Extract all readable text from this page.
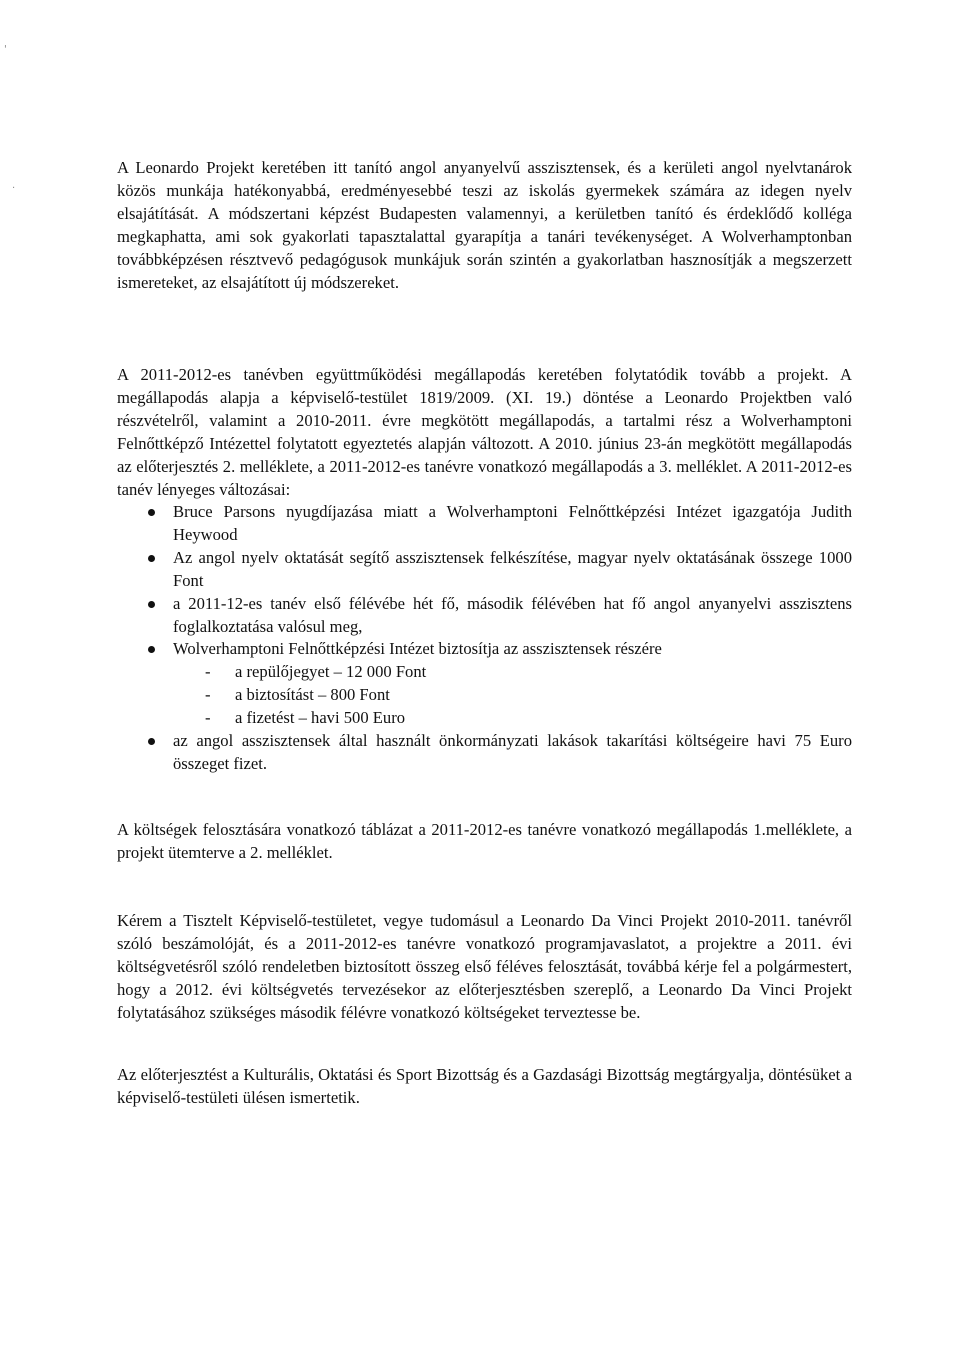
'
.
A Leonardo Projekt keretében itt tanító angol anyanyelvű asszisztensek, és a kerületi angol nyelvtanárok közös munkája hatékonyabbá, eredményesebbé teszi az iskolás gyermekek számára az idegen nyelv elsajátítását. A módszertani képzést Budapesten valamennyi, a kerületben tanító és érdeklődő kolléga megkaphatta, ami sok gyakorlati tapasztalattal gyarapítja a tanári tevékenységet. A Wolverhamptonban továbbképzésen résztvevő pedagógusok munkájuk során szintén a gyakorlatban hasznosítják a megszerzett ismereteket, az elsajátított új módszereket.
A 2011-2012-es tanévben együttműködési megállapodás keretében folytatódik tovább a projekt. A megállapodás alapja a képviselő-testület 1819/2009. (XI. 19.) döntése a Leonardo Projektben való részvételről, valamint a 2010-2011. évre megkötött megállapodás, a tartalmi rész a Wolverhamptoni Felnőttképző Intézettel folytatott egyeztetés alapján változott. A 2010. június 23-án megkötött megállapodás az előterjesztés 2. melléklete, a 2011-2012-es tanévre vonatkozó megállapodás a 3. melléklet. A 2011-2012-es tanév lényeges változásai:
Bruce Parsons nyugdíjazása miatt a Wolverhamptoni Felnőttképzési Intézet igazgatója Judith Heywood
Az angol nyelv oktatását segítő asszisztensek felkészítése, magyar nyelv oktatásának összege 1000 Font
a 2011-12-es tanév első félévébe hét fő, második félévében hat fő angol anyanyelvi asszisztens foglalkoztatása valósul meg,
Wolverhamptoni Felnőttképzési Intézet biztosítja az asszisztensek részére
- a repülőjegyet – 12 000 Font
- a biztosítást – 800 Font
- a fizetést – havi 500 Euro
az angol asszisztensek által használt önkormányzati lakások takarítási költségeire havi 75 Euro összeget fizet.
A költségek felosztására vonatkozó táblázat a 2011-2012-es tanévre vonatkozó megállapodás 1.melléklete, a projekt ütemterve a 2. melléklet.
Kérem a Tisztelt Képviselő-testületet, vegye tudomásul a Leonardo Da Vinci Projekt 2010-2011. tanévről szóló beszámolóját, és a 2011-2012-es tanévre vonatkozó programjavaslatot, a projektre a 2011. évi költségvetésről szóló rendeletben biztosított összeg első féléves felosztását, továbbá kérje fel a polgármestert, hogy a 2012. évi költségvetés tervezésekor az előterjesztésben szereplő, a Leonardo Da Vinci Projekt folytatásához szükséges második félévre vonatkozó költségeket terveztesse be.
Az előterjesztést a Kulturális, Oktatási és Sport Bizottság és a Gazdasági Bizottság megtárgyalja, döntésüket a képviselő-testületi ülésen ismertetik.
